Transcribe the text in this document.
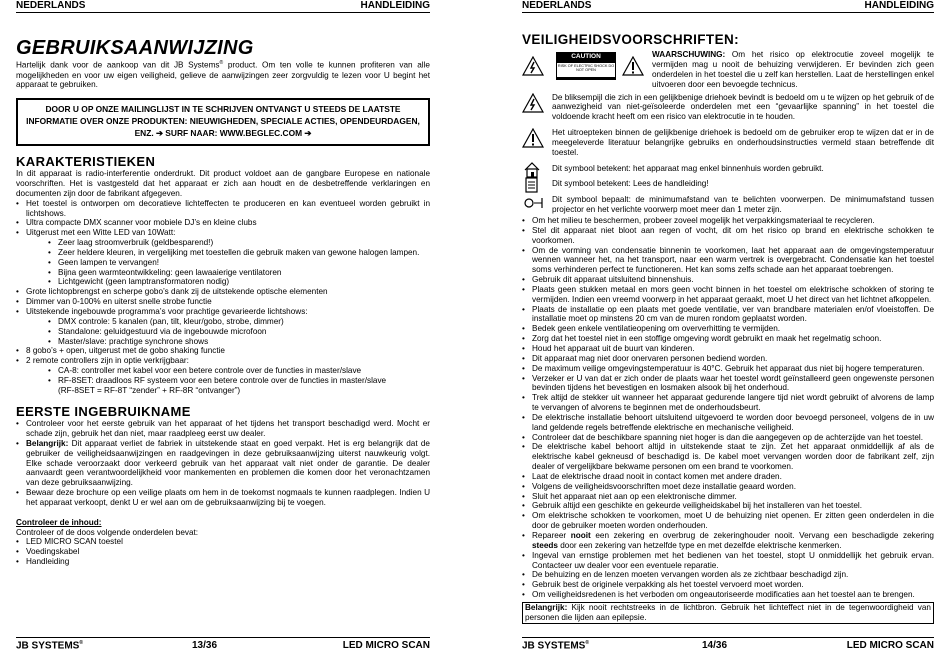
NEDERLANDS	HANDLEIDING
GEBRUIKSAANWIJZING

Hartelijk dank voor de aankoop van dit JB Systems® product. Om ten volle te kunnen profiteren van alle mogelijkheden en voor uw eigen veiligheid, gelieve de aanwijzingen zeer zorgvuldig te lezen voor U begint het apparaat te gebruiken.

DOOR U OP ONZE MAILINGLIJST IN TE SCHRIJVEN ONTVANGT U STEEDS DE LAATSTE INFORMATIE OVER ONZE PRODUKTEN: NIEUWIGHEDEN, SPECIALE ACTIES, OPENDEURDAGEN, ENZ. ➔ SURF NAAR: WWW.BEGLEC.COM ➔
KARAKTERISTIEKEN

In dit apparaat is radio-interferentie onderdrukt. Dit product voldoet aan de gangbare Europese en nationale voorschriften. Het is vastgesteld dat het apparaat er zich aan houdt en de desbetreffende verklaringen en documenten zijn door de fabrikant afgegeven.

• Het toestel is ontworpen om decoratieve lichteffecten te produceren en kan eventueel worden gebruikt in lichtshows.
• Ultra compacte DMX scanner voor mobiele DJ’s en kleine clubs
• Uitgerust met een Witte LED van 10Watt:
• Zeer laag stroomverbruik (geldbesparend!)
• Zeer heldere kleuren, in vergelijking met toestellen die gebruik maken van gewone halogen lampen.
• Geen lampen te vervangen!
• Bijna geen warmteontwikkeling: geen lawaaierige ventilatoren
• Lichtgewicht (geen lamptransformatoren nodig)
• Grote lichtopbrengst en scherpe gobo’s dank zij de uitstekende optische elementen
• Dimmer van 0-100% en uiterst snelle strobe functie
• Uitstekende ingebouwde programma’s voor prachtige gevarieerde lichtshows:
• DMX controle: 5 kanalen (pan, tilt, kleur/gobo, strobe, dimmer)
• Standalone: geluidgestuurd via de ingebouwde microfoon
• Master/slave: prachtige synchrone shows
• 8 gobo’s + open, uitgerust met de gobo shaking functie
• 2 remote controllers zijn in optie verkrijgbaar:
• CA-8: controller met kabel voor een betere controle over de functies in master/slave
• RF-8SET: draadloos RF systeem voor een betere controle over de functies in master/slave
(RF-8SET = RF-8T “zender” + RF-8R “ontvanger”)
EERSTE INGEBRUIKNAME
• Controleer voor het eerste gebruik van het apparaat of het tijdens het transport beschadigd werd. Mocht er schade zijn, gebruik het dan niet, maar raadpleeg eerst uw dealer.
• Belangrijk: Dit apparaat verliet de fabriek in uitstekende staat en goed verpakt. Het is erg belangrijk dat de gebruiker de veiligheidsaanwijzingen en raadgevingen in deze gebruiksaanwijzing uiterst nauwkeurig volgt. Elke schade veroorzaakt door verkeerd gebruik van het apparaat valt niet onder de garantie. De dealer aanvaardt geen verantwoordelijkheid voor mankementen en problemen die komen door het veronachtzamen van deze gebruiksaanwijzing.
• Bewaar deze brochure op een veilige plaats om hem in de toekomst nogmaals te kunnen raadplegen. Indien U het apparaat verkoopt, denkt U er wel aan om de gebruiksaanwijzing bij te voegen.

Controleer de inhoud:

Controleer of de doos volgende onderdelen bevat:

• LED MICRO SCAN toestel
• Voedingskabel
• Handleiding
JB SYSTEMS®	13/36	LED MICRO SCAN
NEDERLANDS	HANDLEIDING
VEILIGHEIDSVOORSCHRIFTEN:
CAUTION
RISK OF ELECTRIC SHOCK DO NOT OPEN

WAARSCHUWING: Om het risico op elektrocutie zoveel mogelijk te vermijden mag u nooit de behuizing verwijderen. Er bevinden zich geen onderdelen in het toestel die u zelf kan herstellen. Laat de herstellingen enkel uitvoeren door een bevoegde technicus.

De bliksempijl die zich in een gelijkbenige driehoek bevindt is bedoeld om u te wijzen op het gebruik of de aanwezigheid van niet-geïsoleerde onderdelen met een “gevaarlijke spanning” in het toestel die voldoende kracht heeft om een risico van elektrocutie in te houden.

Het uitroepteken binnen de gelijkbenige driehoek is bedoeld om de gebruiker erop te wijzen dat er in de meegeleverde literatuur belangrijke gebruiks en onderhoudsinstructies vermeld staan betreffende dit toestel.

Dit symbool betekent: het apparaat mag enkel binnenhuis worden gebruikt.

Dit symbool betekent: Lees de handleiding!

Dit symbool bepaalt: de minimumafstand van te belichten voorwerpen. De minimumafstand tussen projector en het verlichte voorwerp moet meer dan 1 meter zijn.

• Om het milieu te beschermen, probeer zoveel mogelijk het verpakkingsmateriaal te recycleren.
• Stel dit apparaat niet bloot aan regen of vocht, dit om het risico op brand en elektrische schokken te voorkomen.
• Om de vorming van condensatie binnenin te voorkomen, laat het apparaat aan de omgevingstemperatuur wennen wanneer het, na het transport, naar een warm vertrek is overgebracht. Condensatie kan het toestel soms verhinderen perfect te functioneren. Het kan soms zelfs schade aan het apparaat toebrengen.
• Gebruik dit apparaat uitsluitend binnenshuis.
• Plaats geen stukken metaal en mors geen vocht binnen in het toestel om elektrische schokken of storing te vermijden. Indien een vreemd voorwerp in het apparaat geraakt, moet U het direct van het lichtnet afkoppelen.
• Plaats de installatie op een plaats met goede ventilatie, ver van brandbare materialen en/of vloeistoffen. De installatie moet op minstens 20 cm van de muren rondom geplaatst worden.
• Bedek geen enkele ventilatieopening om oververhitting te vermijden.
• Zorg dat het toestel niet in een stoffige omgeving wordt gebruikt en maak het regelmatig schoon.
• Houd het apparaat uit de buurt van kinderen.
• Dit apparaat mag niet door onervaren personen bediend worden.
• De maximum veilige omgevingstemperatuur is 40°C. Gebruik het apparaat dus niet bij hogere temperaturen.
• Verzeker er U van dat er zich onder de plaats waar het toestel wordt geïnstalleerd geen ongewenste personen bevinden tijdens het bevestigen en losmaken alsook bij het onderhoud.
• Trek altijd de stekker uit wanneer het apparaat gedurende langere tijd niet wordt gebruikt of alvorens de lamp te vervangen of alvorens te beginnen met de onderhoudsbeurt.
• De elektrische installatie behoort uitsluitend uitgevoerd te worden door bevoegd personeel, volgens de in uw land geldende regels betreffende elektrische en mechanische veiligheid.
• Controleer dat de beschikbare spanning niet hoger is dan die aangegeven op de achterzijde van het toestel.
• De elektrische kabel behoort altijd in uitstekende staat te zijn. Zet het apparaat onmiddellijk af als de elektrische kabel gekneusd of beschadigd is. De kabel moet vervangen worden door de fabrikant zelf, zijn dealer of vergelijkbare bekwame personen om een brand te voorkomen.
• Laat de elektrische draad nooit in contact komen met andere draden.
• Volgens de veiligheidsvoorschriften moet deze installatie geaard worden.
• Sluit het apparaat niet aan op een elektronische dimmer.
• Gebruik altijd een geschikte en gekeurde veiligheidskabel bij het installeren van het toestel.
• Om elektrische schokken te voorkomen, moet U de behuizing niet openen. Er zitten geen onderdelen in die door de gebruiker moeten worden onderhouden.
• Repareer nooit een zekering en overbrug de zekeringhouder nooit. Vervang een beschadigde zekering steeds door een zekering van hetzelfde type en met dezelfde elektrische kenmerken.
• Ingeval van ernstige problemen met het bedienen van het toestel, stopt U onmiddellijk het gebruik ervan. Contacteer uw dealer voor een eventuele reparatie.
• De behuizing en de lenzen moeten vervangen worden als ze zichtbaar beschadigd zijn.
• Gebruik best de originele verpakking als het toestel vervoerd moet worden.
• Om veiligheidsredenen is het verboden om ongeautoriseerde modificaties aan het toestel aan te brengen.

Belangrijk: Kijk nooit rechtstreeks in de lichtbron. Gebruik het lichteffect niet in de tegenwoordigheid van personen die lijden aan epilepsie.

JB SYSTEMS®	14/36	LED MICRO SCAN
